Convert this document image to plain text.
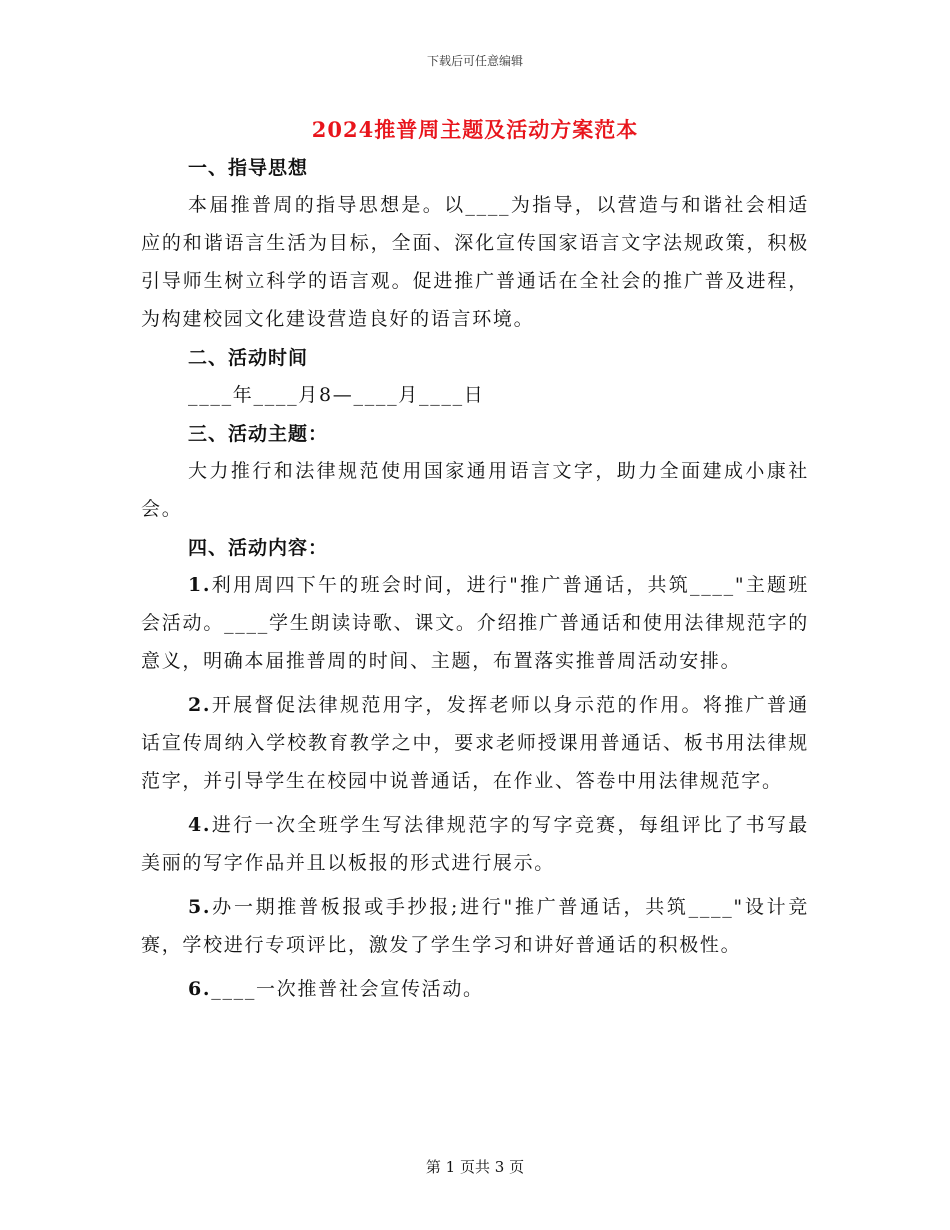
下载后可任意编辑
2024推普周主题及活动方案范本
一、指导思想

本届推普周的指导思想是。以____为指导，以营造与和谐社会相适应的和谐语言生活为目标，全面、深化宣传国家语言文字法规政策，积极引导师生树立科学的语言观。促进推广普通话在全社会的推广普及进程，为构建校园文化建设营造良好的语言环境。

二、活动时间

____年____月8—____月____日

三、活动主题：

大力推行和法律规范使用国家通用语言文字，助力全面建成小康社会。

四、活动内容：

1.利用周四下午的班会时间，进行"推广普通话，共筑____"主题班会活动。____学生朗读诗歌、课文。介绍推广普通话和使用法律规范字的意义，明确本届推普周的时间、主题，布置落实推普周活动安排。

2.开展督促法律规范用字，发挥老师以身示范的作用。将推广普通话宣传周纳入学校教育教学之中，要求老师授课用普通话、板书用法律规范字，并引导学生在校园中说普通话，在作业、答卷中用法律规范字。

4.进行一次全班学生写法律规范字的写字竞赛，每组评比了书写最美丽的写字作品并且以板报的形式进行展示。

5.办一期推普板报或手抄报;进行"推广普通话，共筑____"设计竞赛，学校进行专项评比，激发了学生学习和讲好普通话的积极性。

6.____一次推普社会宣传活动。

第 1 页共 3 页
